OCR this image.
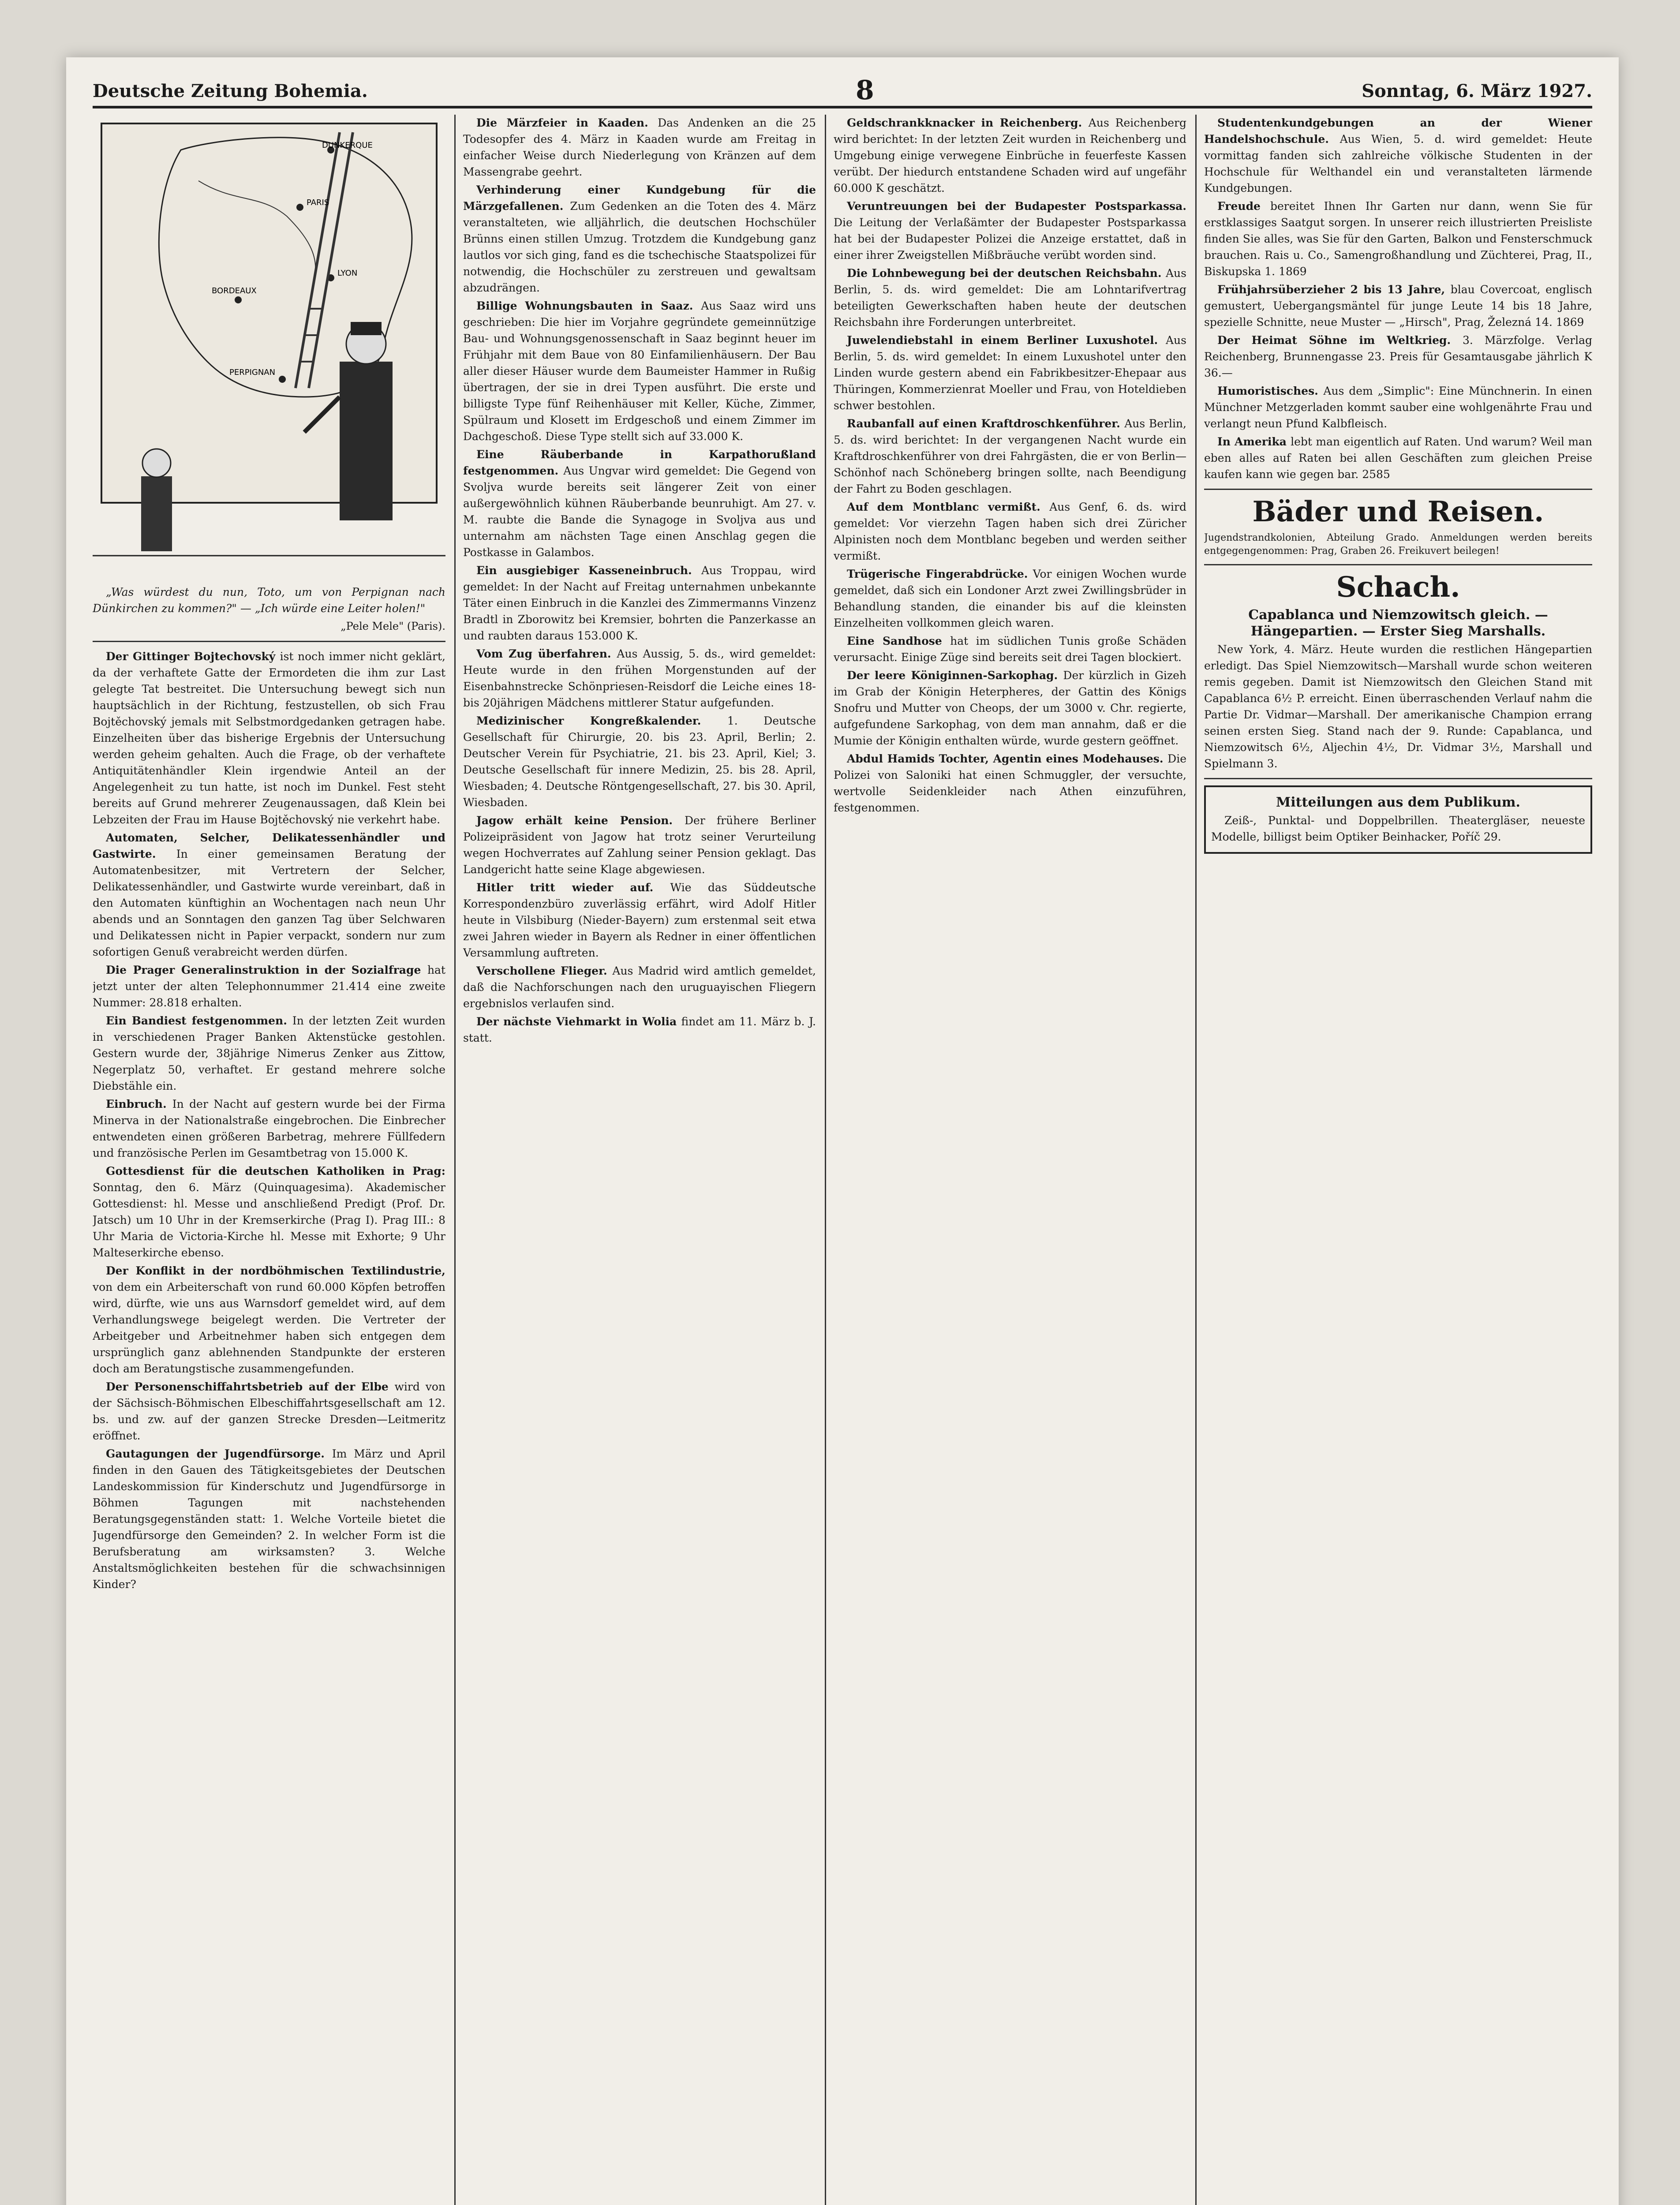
Deutsche Zeitung Bohemia.	8	Sonntag, 6. März 1927.
DUNKERQUE
PARIS
LYON
BORDEAUX
PERPIGNAN

„Was würdest du nun, Toto, um von Perpignan nach Dünkirchen zu kommen?" — „Ich würde eine Leiter holen!"

„Pele Mele" (Paris).

Der Gittinger Bojtechovský ist noch immer nicht geklärt, da der verhaftete Gatte der Ermordeten die ihm zur Last gelegte Tat bestreitet. Die Untersuchung bewegt sich nun hauptsächlich in der Richtung, festzustellen, ob sich Frau Bojtěchovský jemals mit Selbstmordgedanken getragen habe. Einzelheiten über das bisherige Ergebnis der Untersuchung werden geheim gehalten. Auch die Frage, ob der verhaftete Antiquitätenhändler Klein irgendwie Anteil an der Angelegenheit zu tun hatte, ist noch im Dunkel. Fest steht bereits auf Grund mehrerer Zeugenaussagen, daß Klein bei Lebzeiten der Frau im Hause Bojtěchovský nie verkehrt habe.

Automaten, Selcher, Delikatessenhändler und Gastwirte. In einer gemeinsamen Beratung der Automatenbesitzer, mit Vertretern der Selcher, Delikatessenhändler, und Gastwirte wurde vereinbart, daß in den Automaten künftighin an Wochentagen nach neun Uhr abends und an Sonntagen den ganzen Tag über Selchwaren und Delikatessen nicht in Papier verpackt, sondern nur zum sofortigen Genuß verabreicht werden dürfen.

Die Prager Generalinstruktion in der Sozialfrage hat jetzt unter der alten Telephonnummer 21.414 eine zweite Nummer: 28.818 erhalten.

Ein Bandiest festgenommen. In der letzten Zeit wurden in verschiedenen Prager Banken Aktenstücke gestohlen. Gestern wurde der, 38jährige Nimerus Zenker aus Zittow, Negerplatz 50, verhaftet. Er gestand mehrere solche Diebstähle ein.

Einbruch. In der Nacht auf gestern wurde bei der Firma Minerva in der Nationalstraße eingebrochen. Die Einbrecher entwendeten einen größeren Barbetrag, mehrere Füllfedern und französische Perlen im Gesamtbetrag von 15.000 K.

Gottesdienst für die deutschen Katholiken in Prag: Sonntag, den 6. März (Quinquagesima). Akademischer Gottesdienst: hl. Messe und anschließend Predigt (Prof. Dr. Jatsch) um 10 Uhr in der Kremserkirche (Prag I). Prag III.: 8 Uhr Maria de Victoria-Kirche hl. Messe mit Exhorte; 9 Uhr Malteserkirche ebenso.

Der Konflikt in der nordböhmischen Textilindustrie, von dem ein Arbeiterschaft von rund 60.000 Köpfen betroffen wird, dürfte, wie uns aus Warnsdorf gemeldet wird, auf dem Verhandlungswege beigelegt werden. Die Vertreter der Arbeitgeber und Arbeitnehmer haben sich entgegen dem ursprünglich ganz ablehnenden Standpunkte der ersteren doch am Beratungstische zusammengefunden.

Der Personenschiffahrtsbetrieb auf der Elbe wird von der Sächsisch-Böhmischen Elbeschiffahrtsgesellschaft am 12. bs. und zw. auf der ganzen Strecke Dresden—Leitmeritz eröffnet.

Gautagungen der Jugendfürsorge. Im März und April finden in den Gauen des Tätigkeitsgebietes der Deutschen Landeskommission für Kinderschutz und Jugendfürsorge in Böhmen Tagungen mit nachstehenden Beratungsgegenständen statt: 1. Welche Vorteile bietet die Jugendfürsorge den Gemeinden? 2. In welcher Form ist die Berufsberatung am wirksamsten? 3. Welche Anstaltsmöglichkeiten bestehen für die schwachsinnigen Kinder?

Die Märzfeier in Kaaden. Das Andenken an die 25 Todesopfer des 4. März in Kaaden wurde am Freitag in einfacher Weise durch Niederlegung von Kränzen auf dem Massengrabe geehrt.

Verhinderung einer Kundgebung für die Märzgefallenen. Zum Gedenken an die Toten des 4. März veranstalteten, wie alljährlich, die deutschen Hochschüler Brünns einen stillen Umzug. Trotzdem die Kundgebung ganz lautlos vor sich ging, fand es die tschechische Staatspolizei für notwendig, die Hochschüler zu zerstreuen und gewaltsam abzudrängen.

Billige Wohnungsbauten in Saaz. Aus Saaz wird uns geschrieben: Die hier im Vorjahre gegründete gemeinnützige Bau- und Wohnungsgenossenschaft in Saaz beginnt heuer im Frühjahr mit dem Baue von 80 Einfamilienhäusern. Der Bau aller dieser Häuser wurde dem Baumeister Hammer in Rußig übertragen, der sie in drei Typen ausführt. Die erste und billigste Type fünf Reihenhäuser mit Keller, Küche, Zimmer, Spülraum und Klosett im Erdgeschoß und einem Zimmer im Dachgeschoß. Diese Type stellt sich auf 33.000 K.

Eine Räuberbande in Karpathorußland festgenommen. Aus Ungvar wird gemeldet: Die Gegend von Svoljva wurde bereits seit längerer Zeit von einer außergewöhnlich kühnen Räuberbande beunruhigt. Am 27. v. M. raubte die Bande die Synagoge in Svoljva aus und unternahm am nächsten Tage einen Anschlag gegen die Postkasse in Galambos.

Ein ausgiebiger Kasseneinbruch. Aus Troppau, wird gemeldet: In der Nacht auf Freitag unternahmen unbekannte Täter einen Einbruch in die Kanzlei des Zimmermanns Vinzenz Bradtl in Zborowitz bei Kremsier, bohrten die Panzerkasse an und raubten daraus 153.000 K.

Vom Zug überfahren. Aus Aussig, 5. ds., wird gemeldet: Heute wurde in den frühen Morgenstunden auf der Eisenbahnstrecke Schönpriesen-Reisdorf die Leiche eines 18- bis 20jährigen Mädchens mittlerer Statur aufgefunden.

Medizinischer Kongreßkalender. 1. Deutsche Gesellschaft für Chirurgie, 20. bis 23. April, Berlin; 2. Deutscher Verein für Psychiatrie, 21. bis 23. April, Kiel; 3. Deutsche Gesellschaft für innere Medizin, 25. bis 28. April, Wiesbaden; 4. Deutsche Röntgengesellschaft, 27. bis 30. April, Wiesbaden.

Jagow erhält keine Pension. Der frühere Berliner Polizeipräsident von Jagow hat trotz seiner Verurteilung wegen Hochverrates auf Zahlung seiner Pension geklagt. Das Landgericht hatte seine Klage abgewiesen.

Hitler tritt wieder auf. Wie das Süddeutsche Korrespondenzbüro zuverlässig erfährt, wird Adolf Hitler heute in Vilsbiburg (Nieder-Bayern) zum erstenmal seit etwa zwei Jahren wieder in Bayern als Redner in einer öffentlichen Versammlung auftreten.

Verschollene Flieger. Aus Madrid wird amtlich gemeldet, daß die Nachforschungen nach den uruguayischen Fliegern ergebnislos verlaufen sind.

Der nächste Viehmarkt in Wolia findet am 11. März b. J. statt.

Geldschrankknacker in Reichenberg. Aus Reichenberg wird berichtet: In der letzten Zeit wurden in Reichenberg und Umgebung einige verwegene Einbrüche in feuerfeste Kassen verübt. Der hiedurch entstandene Schaden wird auf ungefähr 60.000 K geschätzt.

Veruntreuungen bei der Budapester Postsparkassa. Die Leitung der Verlaßämter der Budapester Postsparkassa hat bei der Budapester Polizei die Anzeige erstattet, daß in einer ihrer Zweigstellen Mißbräuche verübt worden sind.

Die Lohnbewegung bei der deutschen Reichsbahn. Aus Berlin, 5. ds. wird gemeldet: Die am Lohntarifvertrag beteiligten Gewerkschaften haben heute der deutschen Reichsbahn ihre Forderungen unterbreitet.

Juwelendiebstahl in einem Berliner Luxushotel. Aus Berlin, 5. ds. wird gemeldet: In einem Luxushotel unter den Linden wurde gestern abend ein Fabrikbesitzer-Ehepaar aus Thüringen, Kommerzienrat Moeller und Frau, von Hoteldieben schwer bestohlen.

Raubanfall auf einen Kraftdroschkenführer. Aus Berlin, 5. ds. wird berichtet: In der vergangenen Nacht wurde ein Kraftdroschkenführer von drei Fahrgästen, die er von Berlin—Schönhof nach Schöneberg bringen sollte, nach Beendigung der Fahrt zu Boden geschlagen.

Auf dem Montblanc vermißt. Aus Genf, 6. ds. wird gemeldet: Vor vierzehn Tagen haben sich drei Züricher Alpinisten noch dem Montblanc begeben und werden seither vermißt.

Trügerische Fingerabdrücke. Vor einigen Wochen wurde gemeldet, daß sich ein Londoner Arzt zwei Zwillingsbrüder in Behandlung standen, die einander bis auf die kleinsten Einzelheiten vollkommen gleich waren.

Eine Sandhose hat im südlichen Tunis große Schäden verursacht. Einige Züge sind bereits seit drei Tagen blockiert.

Der leere Königinnen-Sarkophag. Der kürzlich in Gizeh im Grab der Königin Heterpheres, der Gattin des Königs Snofru und Mutter von Cheops, der um 3000 v. Chr. regierte, aufgefundene Sarkophag, von dem man annahm, daß er die Mumie der Königin enthalten würde, wurde gestern geöffnet.

Abdul Hamids Tochter, Agentin eines Modehauses. Die Polizei von Saloniki hat einen Schmuggler, der versuchte, wertvolle Seidenkleider nach Athen einzuführen, festgenommen.

Studentenkundgebungen an der Wiener Handelshochschule. Aus Wien, 5. d. wird gemeldet: Heute vormittag fanden sich zahlreiche völkische Studenten in der Hochschule für Welthandel ein und veranstalteten lärmende Kundgebungen.

Freude bereitet Ihnen Ihr Garten nur dann, wenn Sie für erstklassiges Saatgut sorgen. In unserer reich illustrierten Preisliste finden Sie alles, was Sie für den Garten, Balkon und Fensterschmuck brauchen. Rais u. Co., Samengroßhandlung und Züchterei, Prag, II., Biskupska 1. 1869

Frühjahrsüberzieher 2 bis 13 Jahre, blau Covercoat, englisch gemustert, Uebergangsmäntel für junge Leute 14 bis 18 Jahre, spezielle Schnitte, neue Muster — „Hirsch", Prag, Železná 14. 1869

Der Heimat Söhne im Weltkrieg. 3. Märzfolge. Verlag Reichenberg, Brunnengasse 23. Preis für Gesamtausgabe jährlich K 36.—

Humoristisches. Aus dem „Simplic": Eine Münchnerin. In einen Münchner Metzgerladen kommt sauber eine wohlgenährte Frau und verlangt neun Pfund Kalbfleisch.

In Amerika lebt man eigentlich auf Raten. Und warum? Weil man eben alles auf Raten bei allen Geschäften zum gleichen Preise kaufen kann wie gegen bar. 2585

Bäder und Reisen.
Jugendstrandkolonien, Abteilung Grado. Anmeldungen werden bereits entgegengenommen: Prag, Graben 26. Freikuvert beilegen!
Schach.
Capablanca und Niemzowitsch gleich. — Hängepartien. — Erster Sieg Marshalls.

New York, 4. März. Heute wurden die restlichen Hängepartien erledigt. Das Spiel Niemzowitsch—Marshall wurde schon weiteren remis gegeben. Damit ist Niemzowitsch den Gleichen Stand mit Capablanca 6½ P. erreicht. Einen überraschenden Verlauf nahm die Partie Dr. Vidmar—Marshall. Der amerikanische Champion errang seinen ersten Sieg. Stand nach der 9. Runde: Capablanca, und Niemzowitsch 6½, Aljechin 4½, Dr. Vidmar 3½, Marshall und Spielmann 3.

Mitteilungen aus dem Publikum.

Zeiß-, Punktal- und Doppelbrillen. Theatergläser, neueste Modelle, billigst beim Optiker Beinhacker, Poříč 29.
